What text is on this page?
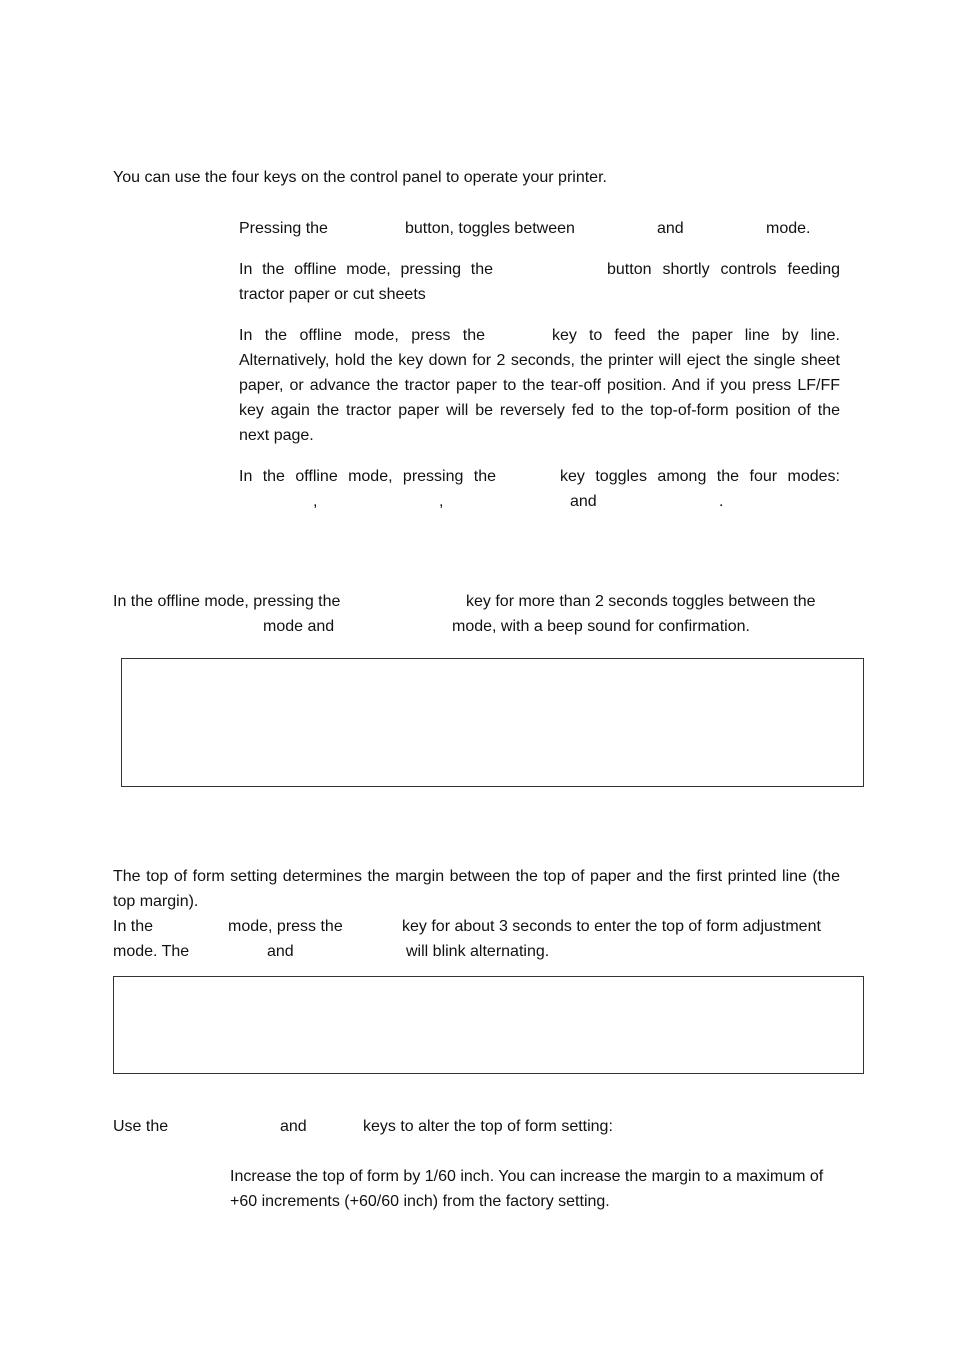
You can use the four keys on the control panel to operate your printer.
Pressing the	button, toggles between	and	mode.
In the offline mode, pressing the	button shortly controls feeding
tractor paper or cut sheets
In the offline mode, press the	key to feed the paper line by line.
Alternatively, hold the key down for 2 seconds, the printer will eject the single sheet paper, or advance the tractor paper to the tear-off position. And if you press LF/FF key again the tractor paper will be reversely fed to the top-of-form position of the next page.
In the offline mode, pressing the	key toggles among the four modes:
,	,	and	.
In the offline mode, pressing the	key for more than 2 seconds toggles between the
mode and	mode, with a beep sound for confirmation.
The top of form setting determines the margin between the top of paper and the first printed line (the top margin).
In the	mode, press the	key for about 3 seconds to enter the top of form adjustment
mode. The	and	will blink alternating.
Use the	and	keys to alter the top of form setting:
Increase the top of form by 1/60 inch. You can increase the margin to a maximum of +60 increments (+60/60 inch) from the factory setting.
